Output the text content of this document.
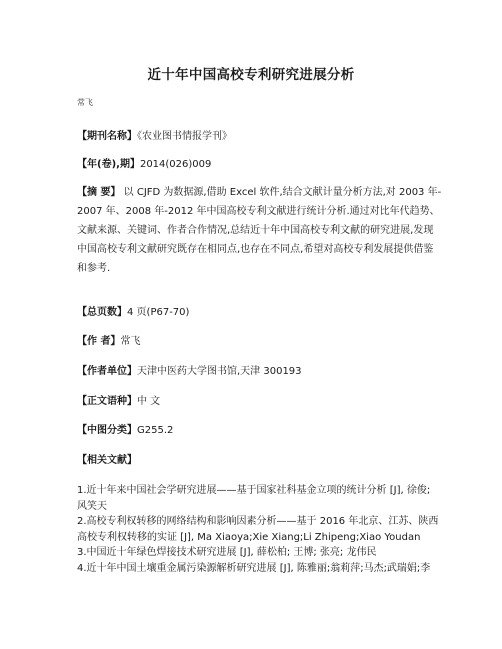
近十年中国高校专利研究进展分析
常飞
【期刊名称】《农业图书情报学刊》
【年(卷),期】2014(026)009
【摘 要】 以 CJFD 为数据源,借助 Excel 软件,结合文献计量分析方法,对 2003 年-
2007 年、2008 年-2012 年中国高校专利文献进行统计分析.通过对比年代趋势、
文献来源、关键词、作者合作情况,总结近十年中国高校专利文献的研究进展,发现
中国高校专利文献研究既存在相同点,也存在不同点,希望对高校专利发展提供借鉴
和参考.
【总页数】4 页(P67-70)
【作 者】常飞
【作者单位】天津中医药大学图书馆,天津 300193
【正文语种】中 文
【中图分类】G255.2
【相关文献】
1.近十年来中国社会学研究进展——基于国家社科基金立项的统计分析 [J], 徐俊;
风笑天
2.高校专利权转移的网络结构和影响因素分析——基于 2016 年北京、江苏、陕西
高校专利权转移的实证 [J], Ma Xiaoya;Xie Xiang;Li Zhipeng;Xiao Youdan
3.中国近十年绿色焊接技术研究进展 [J], 薛松柏; 王博; 张亮; 龙伟民
4.近十年中国土壤重金属污染源解析研究进展 [J], 陈雅丽;翁莉萍;马杰;武瑞娟;李
